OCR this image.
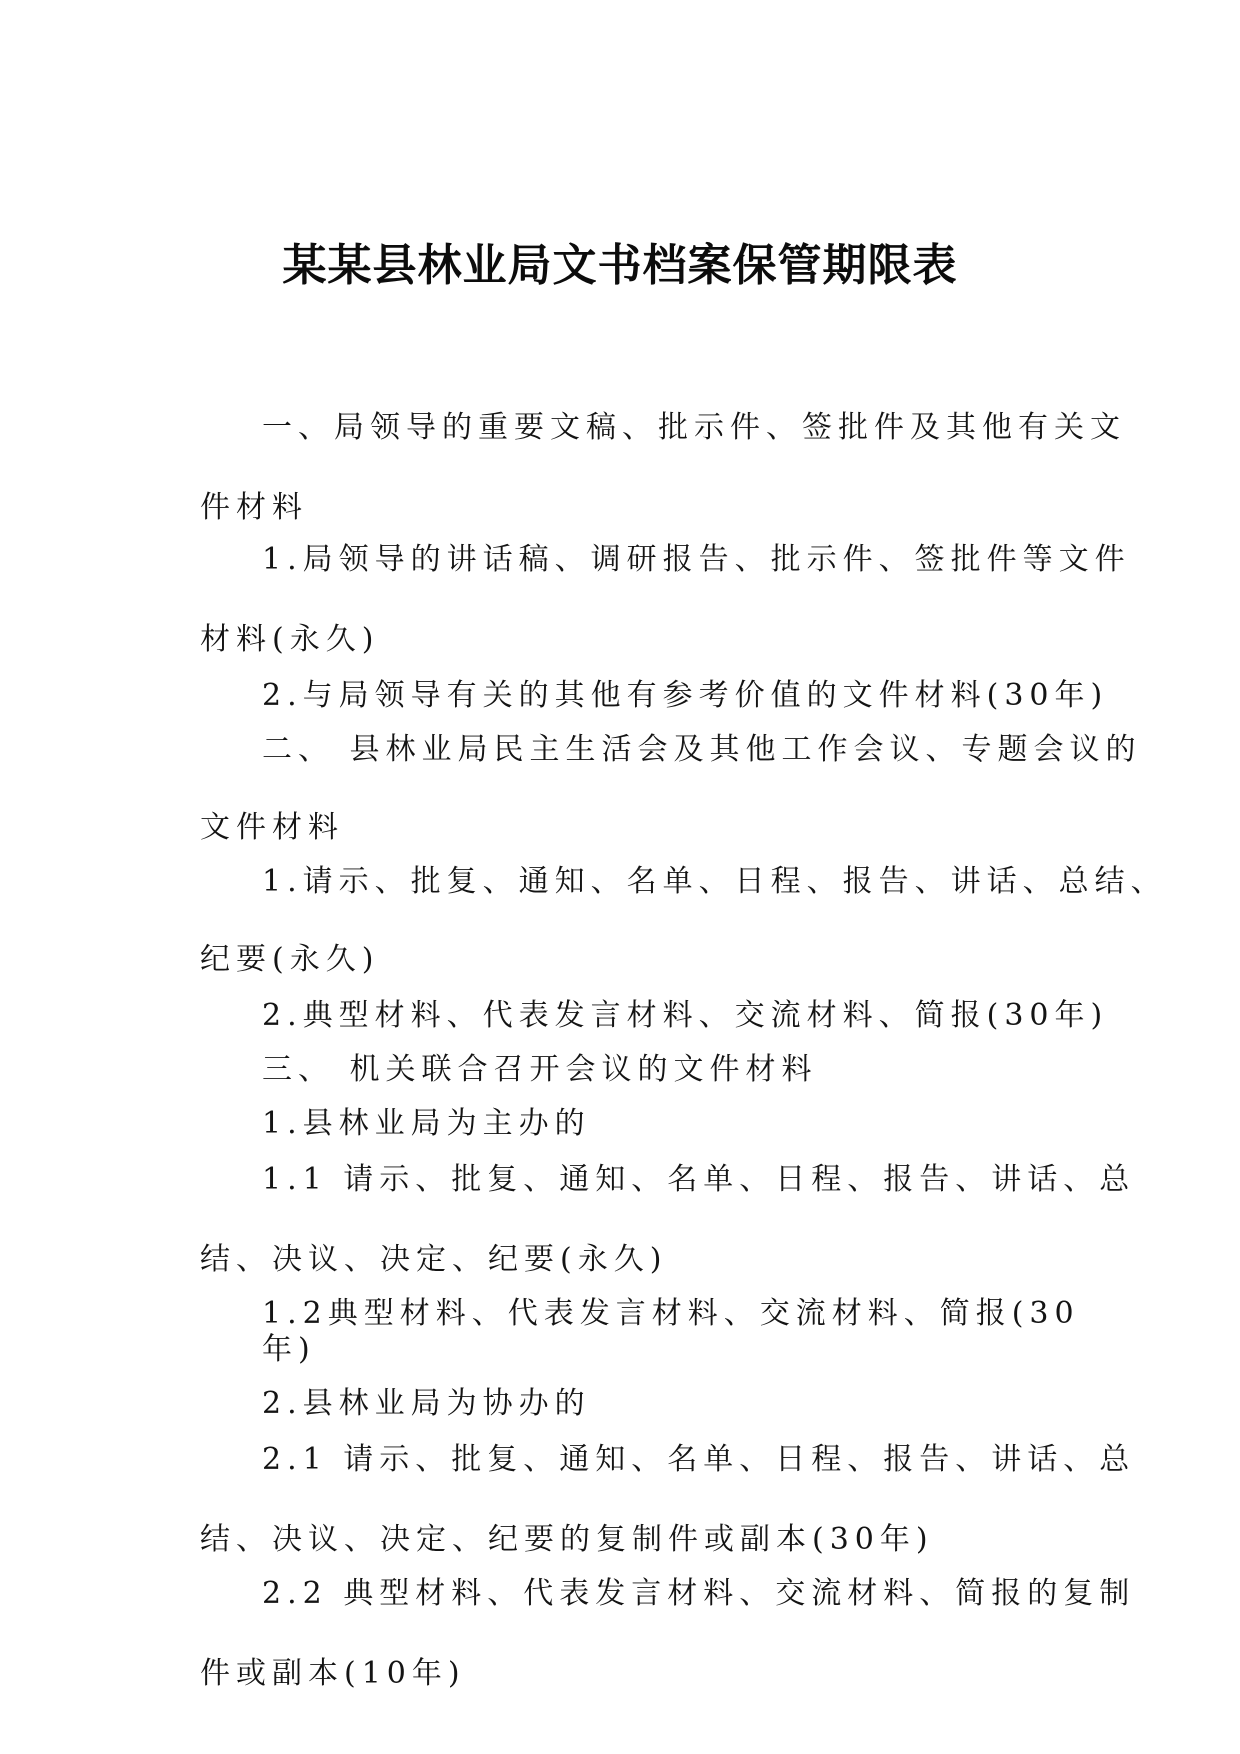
某某县林业局文书档案保管期限表
一、局领导的重要文稿、批示件、签批件及其他有关文
件材料
1.局领导的讲话稿、调研报告、批示件、签批件等文件
材料(永久)
2.与局领导有关的其他有参考价值的文件材料(30年)
二、 县林业局民主生活会及其他工作会议、专题会议的
文件材料
1.请示、批复、通知、名单、日程、报告、讲话、总结、
纪要(永久)
2.典型材料、代表发言材料、交流材料、简报(30年)
三、 机关联合召开会议的文件材料
1.县林业局为主办的
1.1 请示、批复、通知、名单、日程、报告、讲话、总
结、决议、决定、纪要(永久)
1.2典型材料、代表发言材料、交流材料、简报(30
年)
2.县林业局为协办的
2.1 请示、批复、通知、名单、日程、报告、讲话、总
结、决议、决定、纪要的复制件或副本(30年)
2.2 典型材料、代表发言材料、交流材料、简报的复制
件或副本(10年)
